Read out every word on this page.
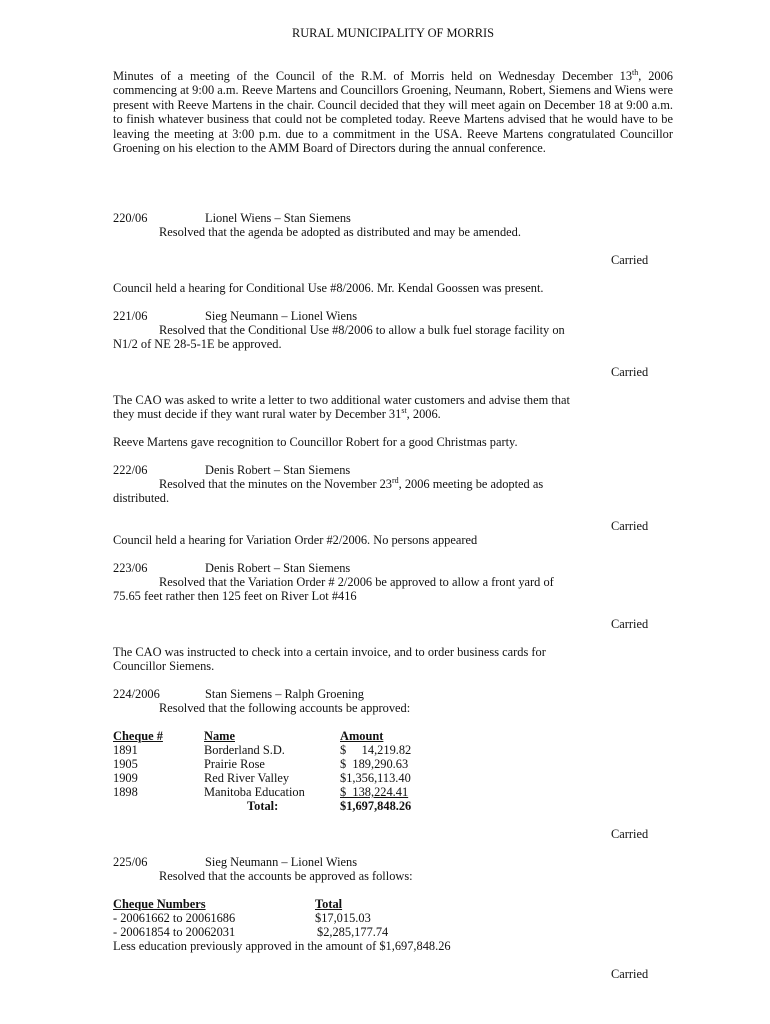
RURAL MUNICIPALITY OF MORRIS
Minutes of a meeting of the Council of the R.M. of Morris held on Wednesday December 13th, 2006 commencing at 9:00 a.m. Reeve Martens and Councillors Groening, Neumann, Robert, Siemens and Wiens were present with Reeve Martens in the chair. Council decided that they will meet again on December 18 at 9:00 a.m. to finish whatever business that could not be completed today. Reeve Martens advised that he would have to be leaving the meeting at 3:00 p.m. due to a commitment in the USA. Reeve Martens congratulated Councillor Groening on his election to the AMM Board of Directors during the annual conference.
220/06	Lionel Wiens – Stan Siemens
Resolved that the agenda be adopted as distributed and may be amended.
Carried
Council held a hearing for Conditional Use #8/2006. Mr. Kendal Goossen was present.
221/06	Sieg Neumann – Lionel Wiens
Resolved that the Conditional Use #8/2006 to allow a bulk fuel storage facility on
N1/2 of NE 28-5-1E be approved.
Carried
The CAO was asked to write a letter to two additional water customers and advise them that
they must decide if they want rural water by December 31st, 2006.
Reeve Martens gave recognition to Councillor Robert for a good Christmas party.
222/06	Denis Robert – Stan Siemens
Resolved that the minutes on the November 23rd, 2006 meeting be adopted as
distributed.
Carried
Council held a hearing for Variation Order #2/2006. No persons appeared
223/06	Denis Robert – Stan Siemens
Resolved that the Variation Order # 2/2006 be approved to allow a front yard of
75.65 feet rather then 125 feet on River Lot #416
Carried
The CAO was instructed to check into a certain invoice, and to order business cards for
Councillor Siemens.
224/2006	Stan Siemens – Ralph Groening
Resolved that the following accounts be approved:
Cheque #	Name	Amount
1891	Borderland S.D.	$     14,219.82
1905	Prairie Rose	$  189,290.63
1909	Red River Valley	$1,356,113.40
1898	Manitoba Education	$  138,224.41
Total:	$1,697,848.26
Carried
225/06	Sieg Neumann – Lionel Wiens
Resolved that the accounts be approved as follows:
Cheque Numbers	Total
- 20061662 to 20061686	$17,015.03
- 20061854 to 20062031	$2,285,177.74
Less education previously approved in the amount of $1,697,848.26
Carried
